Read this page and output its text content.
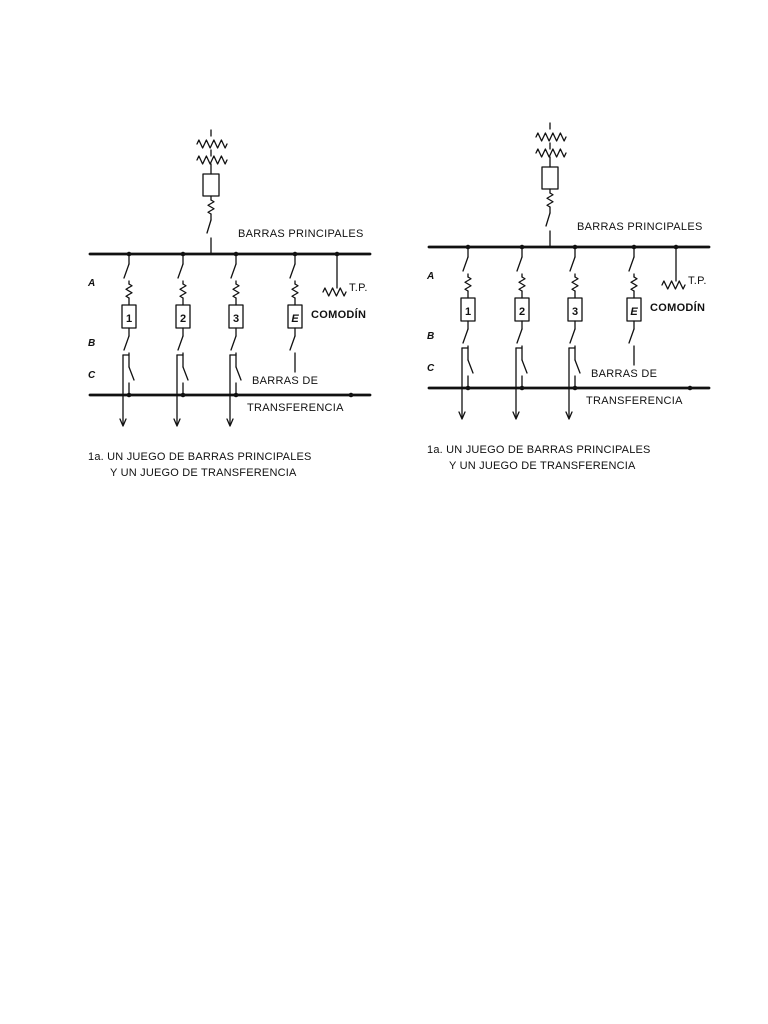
BARRAS PRINCIPALES
T.P.
COMODÍN
BARRAS DE
TRANSFERENCIA
A
B
C
1	2	3	E
1a. UN JUEGO DE BARRAS PRINCIPALES
Y UN JUEGO DE TRANSFERENCIA
BARRAS PRINCIPALES
T.P.
COMODÍN
BARRAS DE
TRANSFERENCIA
A
B
C
1	2	3	E
1a. UN JUEGO DE BARRAS PRINCIPALES
Y UN JUEGO DE TRANSFERENCIA
